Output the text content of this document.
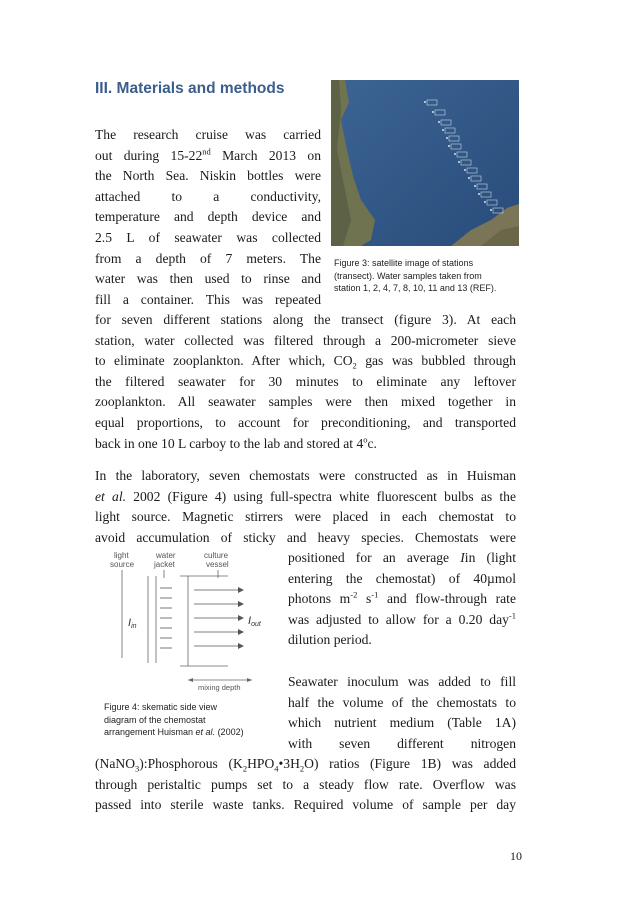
III. Materials and methods
The research cruise was carried
out during 15-22nd March 2013 on
the North Sea. Niskin bottles were
attached to a conductivity,
temperature and depth device and
2.5 L of seawater was collected
from a depth of 7 meters. The
water was then used to rinse and
fill a container. This was repeated
for seven different stations along the transect (figure 3). At each
station, water collected was filtered through a 200-micrometer sieve
to eliminate zooplankton. After which, $CO_2$ gas was bubbled through
the filtered seawater for 30 minutes to eliminate any leftover
zooplankton. All seawater samples were then mixed together in
equal proportions, to account for preconditioning, and transported
back in one 10 L carboy to the lab and stored at 4$^o$c.
Figure 3: satellite image of stations
(transect). Water samples taken from
station 1, 2, 4, 7, 8, 10, 11 and 13 (REF).
In the laboratory, seven chemostats were constructed as in Huisman
et al. 2002 (Figure 4) using full-spectra white fluorescent bulbs as the
light source. Magnetic stirrers were placed in each chemostat to
avoid accumulation of sticky and heavy species. Chemostats were
positioned for an average Iin (light
entering the chemostat) of 40µmol
photons $m^{-2}$ $s^{-1}$ and flow-through rate
was adjusted to allow for a 0.20 day$^{-1}$
dilution period.
light
source
water
jacket
culture
vessel
Iin	Iout
mixing depth
Figure 4: skematic side view
diagram of the chemostat
arrangement Huisman et al. (2002)
Seawater inoculum was added to fill
half the volume of the chemostats to
which nutrient medium (Table 1A)
with seven different nitrogen
(NaNO$_3$):Phosphorous $(K_2HPO_4•3H_2O)$ ratios (Figure 1B) was added
through peristaltic pumps set to a steady flow rate. Overflow was
passed into sterile waste tanks. Required volume of sample per day
10
